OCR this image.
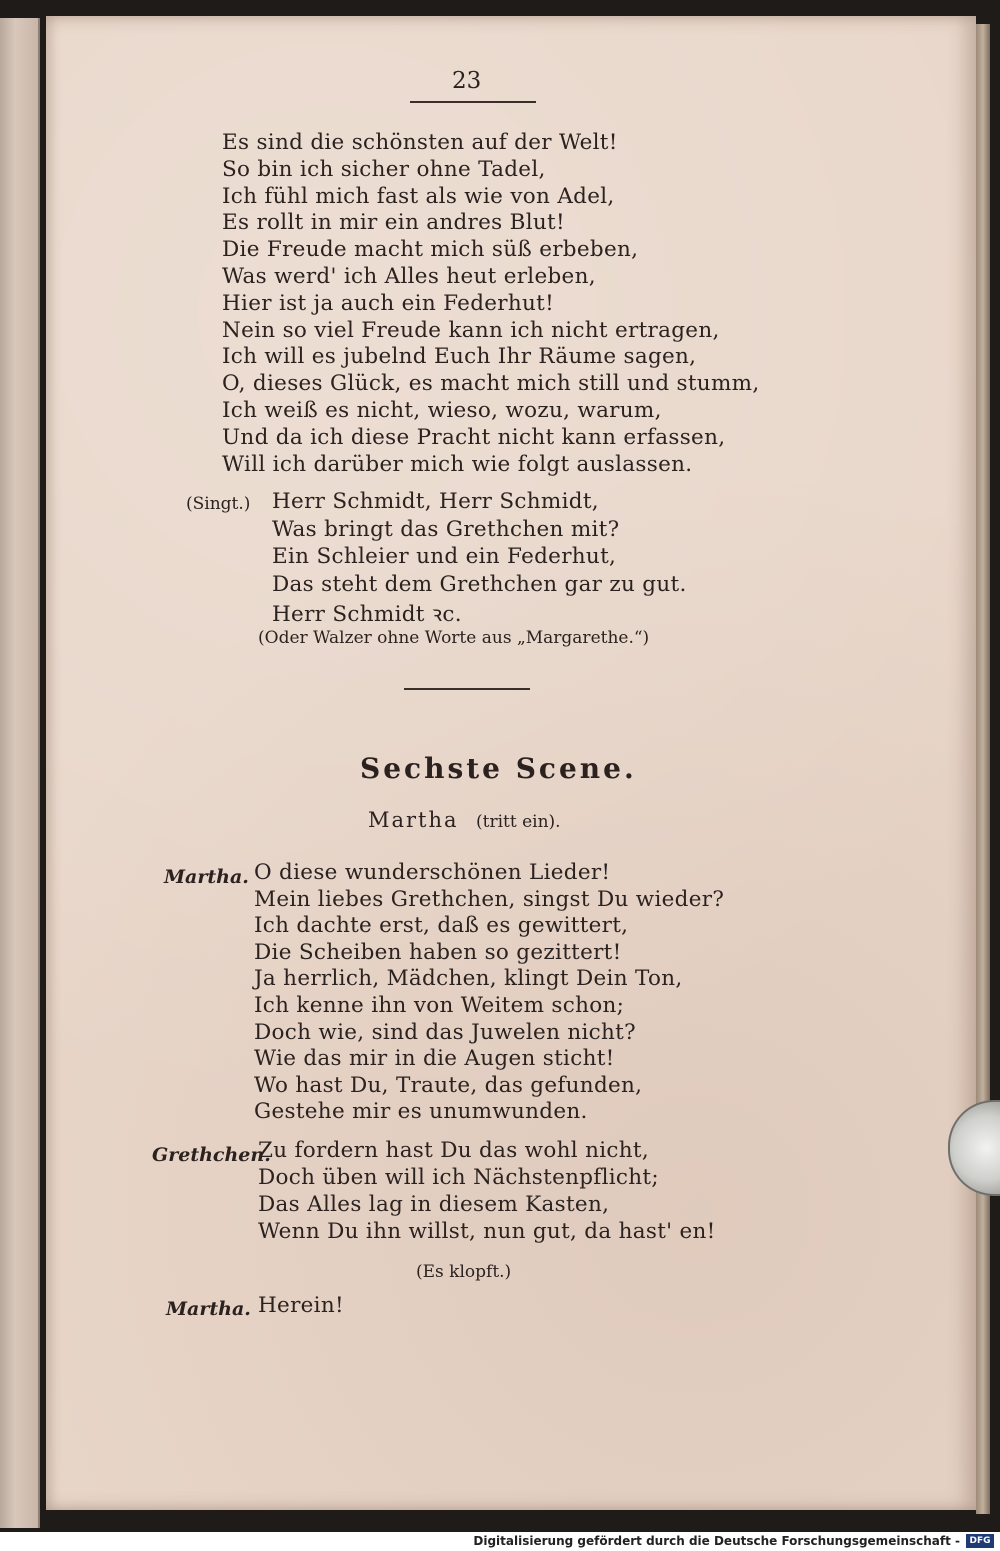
23
Es sind die schönsten auf der Welt!
So bin ich sicher ohne Tadel,
Ich fühl mich fast als wie von Adel,
Es rollt in mir ein andres Blut!
Die Freude macht mich süß erbeben,
Was werd' ich Alles heut erleben,
Hier ist ja auch ein Federhut!
Nein so viel Freude kann ich nicht ertragen,
Ich will es jubelnd Euch Ihr Räume sagen,
O, dieses Glück, es macht mich still und stumm,
Ich weiß es nicht, wieso, wozu, warum,
Und da ich diese Pracht nicht kann erfassen,
Will ich darüber mich wie folgt auslassen.
(Singt.) Herr Schmidt, Herr Schmidt,
Was bringt das Grethchen mit?
Ein Schleier und ein Federhut,
Das steht dem Grethchen gar zu gut.
Herr Schmidt ꝛc.
(Oder Walzer ohne Worte aus „Margarethe.“)
Sechste Scene.
Martha (tritt ein).
Martha. O diese wunderschönen Lieder!
Mein liebes Grethchen, singst Du wieder?
Ich dachte erst, daß es gewittert,
Die Scheiben haben so gezittert!
Ja herrlich, Mädchen, klingt Dein Ton,
Ich kenne ihn von Weitem schon;
Doch wie, sind das Juwelen nicht?
Wie das mir in die Augen sticht!
Wo hast Du, Traute, das gefunden,
Gestehe mir es unumwunden.
Grethchen.
Zu fordern hast Du das wohl nicht,
Doch üben will ich Nächstenpflicht;
Das Alles lag in diesem Kasten,
Wenn Du ihn willst, nun gut, da hast' en!
(Es klopft.)
Martha. Herein!
Digitalisierung gefördert durch die Deutsche Forschungsgemeinschaft -	DFG
